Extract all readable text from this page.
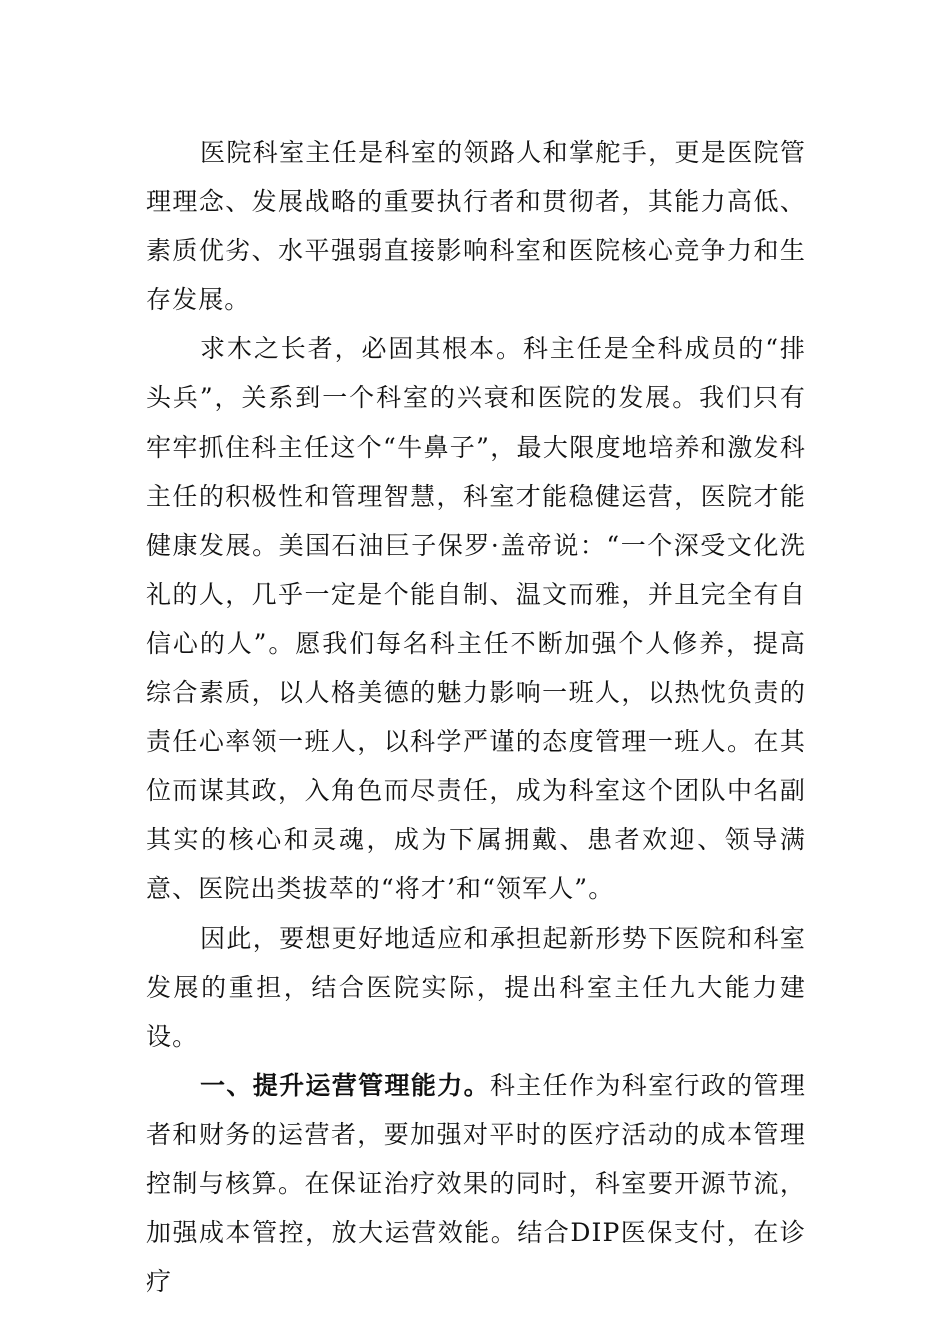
医院科室主任是科室的领路人和掌舵手，更是医院管理理念、发展战略的重要执行者和贯彻者，其能力高低、素质优劣、水平强弱直接影响科室和医院核心竞争力和生存发展。

求木之长者，必固其根本。科主任是全科成员的“排头兵”，关系到一个科室的兴衰和医院的发展。我们只有牢牢抓住科主任这个“牛鼻子”，最大限度地培养和激发科主任的积极性和管理智慧，科室才能稳健运营，医院才能健康发展。美国石油巨子保罗·盖帝说：“一个深受文化洗礼的人，几乎一定是个能自制、温文而雅，并且完全有自信心的人”。愿我们每名科主任不断加强个人修养，提高综合素质，以人格美德的魅力影响一班人，以热忱负责的责任心率领一班人，以科学严谨的态度管理一班人。在其位而谋其政，入角色而尽责任，成为科室这个团队中名副其实的核心和灵魂，成为下属拥戴、患者欢迎、领导满意、医院出类拔萃的“将才’和“领军人”。

因此，要想更好地适应和承担起新形势下医院和科室发展的重担，结合医院实际，提出科室主任九大能力建设。

一、提升运营管理能力。科主任作为科室行政的管理者和财务的运营者，要加强对平时的医疗活动的成本管理控制与核算。在保证治疗效果的同时，科室要开源节流，加强成本管控，放大运营效能。结合DIP医保支付，在诊疗
